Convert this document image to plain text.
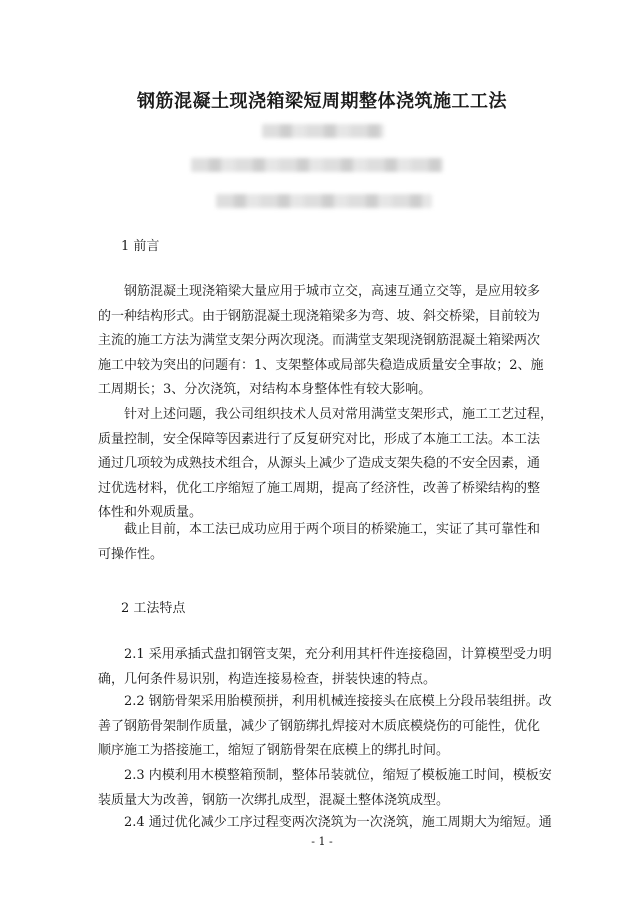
钢筋混凝土现浇箱梁短周期整体浇筑施工工法
1 前言

钢筋混凝土现浇箱梁大量应用于城市立交，高速互通立交等，是应用较多
的一种结构形式。由于钢筋混凝土现浇箱梁多为弯、坡、斜交桥梁，目前较为
主流的施工方法为满堂支架分两次现浇。而满堂支架现浇钢筋混凝土箱梁两次
施工中较为突出的问题有：1、支架整体或局部失稳造成质量安全事故；2、施
工周期长；3、分次浇筑，对结构本身整体性有较大影响。

针对上述问题，我公司组织技术人员对常用满堂支架形式，施工工艺过程，
质量控制，安全保障等因素进行了反复研究对比，形成了本施工工法。本工法
通过几项较为成熟技术组合，从源头上减少了造成支架失稳的不安全因素，通
过优选材料，优化工序缩短了施工周期，提高了经济性，改善了桥梁结构的整
体性和外观质量。

截止目前，本工法已成功应用于两个项目的桥梁施工，实证了其可靠性和
可操作性。

2 工法特点

2.1 采用承插式盘扣钢管支架，充分利用其杆件连接稳固，计算模型受力明
确，几何条件易识别，构造连接易检查，拼装快速的特点。

2.2 钢筋骨架采用胎模预拼，利用机械连接接头在底模上分段吊装组拼。改
善了钢筋骨架制作质量，减少了钢筋绑扎焊接对木质底模烧伤的可能性，优化
顺序施工为搭接施工，缩短了钢筋骨架在底模上的绑扎时间。

2.3 内模利用木模整箱预制，整体吊装就位，缩短了模板施工时间，模板安
装质量大为改善，钢筋一次绑扎成型，混凝土整体浇筑成型。

2.4 通过优化减少工序过程变两次浇筑为一次浇筑，施工周期大为缩短。通

- 1 -
